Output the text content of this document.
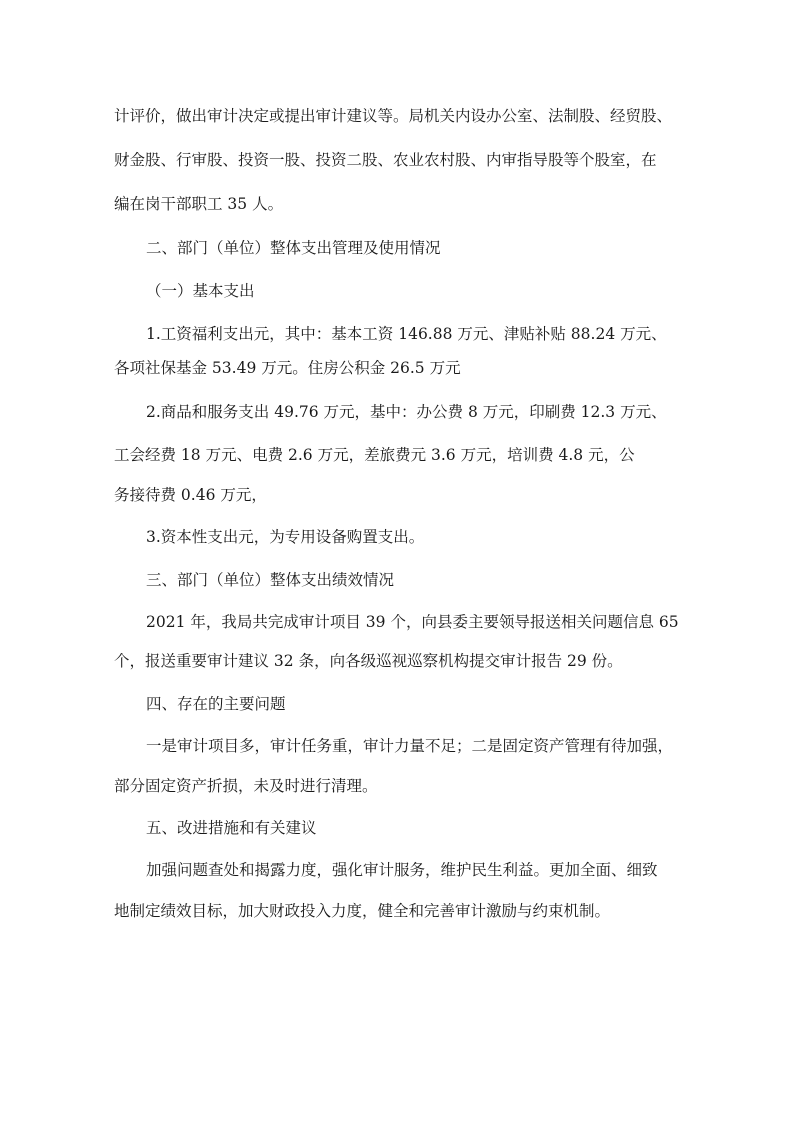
计评价，做出审计决定或提出审计建议等。局机关内设办公室、法制股、经贸股、
财金股、行审股、投资一股、投资二股、农业农村股、内审指导股等个股室，在
编在岗干部职工 35 人。
二、部门（单位）整体支出管理及使用情况
（一）基本支出
1.工资福利支出元，其中：基本工资 146.88 万元、津贴补贴 88.24 万元、
各项社保基金 53.49 万元。住房公积金 26.5 万元
2.商品和服务支出 49.76 万元，基中：办公费 8 万元，印刷费 12.3 万元、
工会经费 18 万元、电费 2.6 万元，差旅费元 3.6 万元，培训费 4.8 元，公
务接待费 0.46 万元，
3.资本性支出元，为专用设备购置支出。
三、部门（单位）整体支出绩效情况
2021 年，我局共完成审计项目 39 个，向县委主要领导报送相关问题信息 65
个，报送重要审计建议 32 条，向各级巡视巡察机构提交审计报告 29 份。
四、存在的主要问题
一是审计项目多，审计任务重，审计力量不足；二是固定资产管理有待加强，
部分固定资产折损，未及时进行清理。
五、改进措施和有关建议
加强问题查处和揭露力度，强化审计服务，维护民生利益。更加全面、细致
地制定绩效目标，加大财政投入力度，健全和完善审计激励与约束机制。
